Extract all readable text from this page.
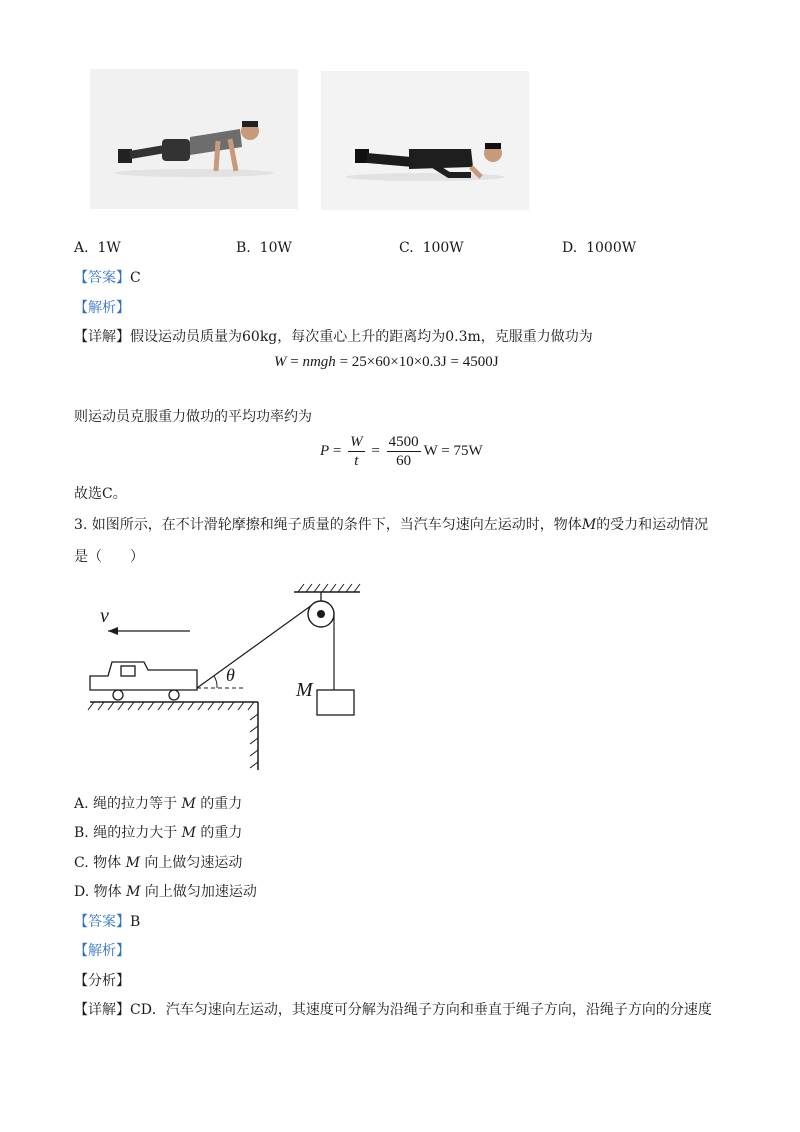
A. 1W	B. 10W	C. 100W	D. 1000W
【答案】C
【解析】
【详解】假设运动员质量为60kg，每次重心上升的距离均为0.3m，克服重力做功为
W = nmgh = 25×60×10×0.3J = 4500J
则运动员克服重力做功的平均功率约为
$P = \frac{W}{t} = \frac{4500}{60}$ W = 75W
故选C。
3. 如图所示，在不计滑轮摩擦和绳子质量的条件下，当汽车匀速向左运动时，物体M的受力和运动情况
是（　　）
M
v
θ
A. 绳的拉力等于 M 的重力
B. 绳的拉力大于 M 的重力
C. 物体 M 向上做匀速运动
D. 物体 M 向上做匀加速运动
【答案】B
【解析】
【分析】
【详解】CD．汽车匀速向左运动，其速度可分解为沿绳子方向和垂直于绳子方向，沿绳子方向的分速度
